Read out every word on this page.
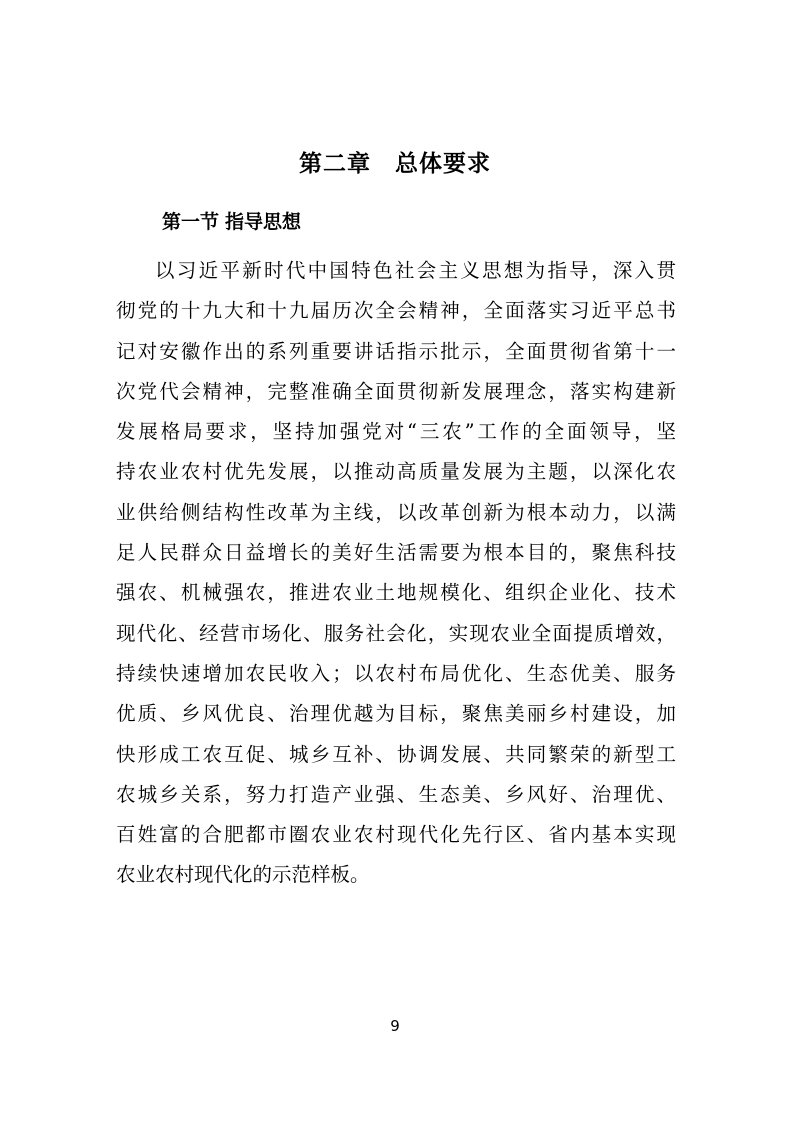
第二章　总体要求
第一节 指导思想
以习近平新时代中国特色社会主义思想为指导，深入贯
彻党的十九大和十九届历次全会精神，全面落实习近平总书
记对安徽作出的系列重要讲话指示批示，全面贯彻省第十一
次党代会精神，完整准确全面贯彻新发展理念，落实构建新
发展格局要求，坚持加强党对“三农”工作的全面领导，坚
持农业农村优先发展，以推动高质量发展为主题，以深化农
业供给侧结构性改革为主线，以改革创新为根本动力，以满
足人民群众日益增长的美好生活需要为根本目的，聚焦科技
强农、机械强农，推进农业土地规模化、组织企业化、技术
现代化、经营市场化、服务社会化，实现农业全面提质增效，
持续快速增加农民收入；以农村布局优化、生态优美、服务
优质、乡风优良、治理优越为目标，聚焦美丽乡村建设，加
快形成工农互促、城乡互补、协调发展、共同繁荣的新型工
农城乡关系，努力打造产业强、生态美、乡风好、治理优、
百姓富的合肥都市圈农业农村现代化先行区、省内基本实现
农业农村现代化的示范样板。
9
